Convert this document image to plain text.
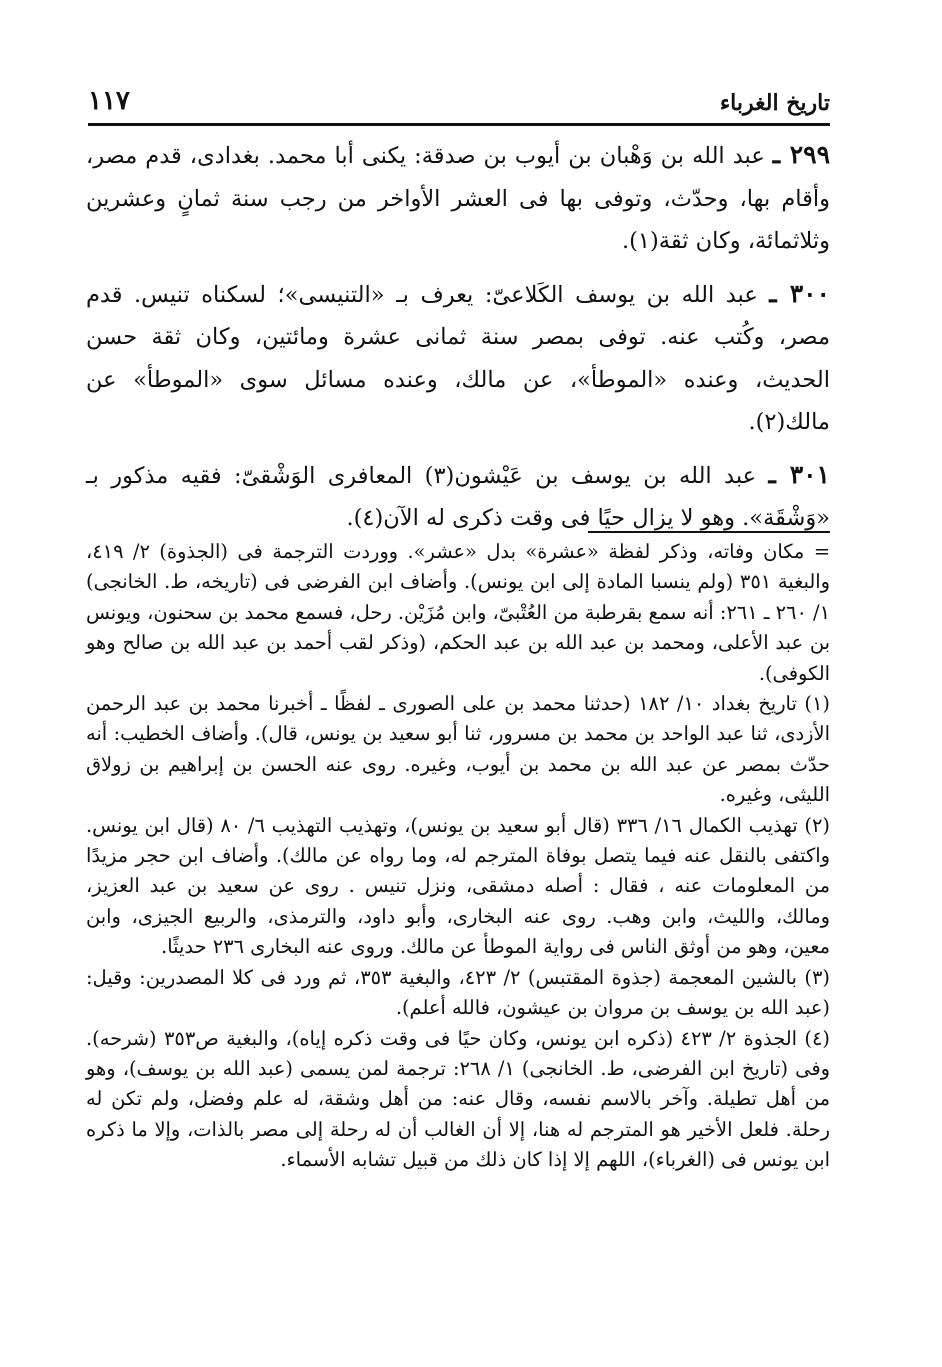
تاريخ الغرباء
١١٧

٢٩٩ ـ عبد الله بن وَهْبان بن أيوب بن صدقة: يكنى أبا محمد. بغدادى، قدم مصر، وأقام بها، وحدّث، وتوفى بها فى العشر الأواخر من رجب سنة ثمانٍ وعشرين وثلاثمائة، وكان ثقة(١).

٣٠٠ ـ عبد الله بن يوسف الكَلاعىّ: يعرف بـ «التنيسى»؛ لسكناه تنيس. قدم مصر، وكُتب عنه. توفى بمصر سنة ثمانى عشرة ومائتين، وكان ثقة حسن الحديث، وعنده «الموطأ»، عن مالك، وعنده مسائل سوى «الموطأ» عن مالك(٢).

٣٠١ ـ عبد الله بن يوسف بن عَيْشون(٣) المعافرى الوَشْقىّ: فقيه مذكور بـ «وَشْقَة». وهو لا يزال حيًا فى وقت ذكرى له الآن(٤).

= مكان وفاته، وذكر لفظة «عشرة» بدل «عشر». ووردت الترجمة فى (الجذوة) ٢/ ٤١٩، والبغية ٣٥١ (ولم ينسبا المادة إلى ابن يونس). وأضاف ابن الفرضى فى (تاريخه، ط. الخانجى) ١/ ٢٦٠ ـ ٢٦١: أنه سمع بقرطبة من العُتْبىّ، وابن مُزَيْن. رحل، فسمع محمد بن سحنون، ويونس بن عبد الأعلى، ومحمد بن عبد الله بن عبد الحكم، (وذكر لقب أحمد بن عبد الله بن صالح وهو الكوفى).

(١) تاريخ بغداد ١٠/ ١٨٢ (حدثنا محمد بن على الصورى ـ لفظًا ـ أخبرنا محمد بن عبد الرحمن الأزدى، ثنا عبد الواحد بن محمد بن مسرور، ثنا أبو سعيد بن يونس، قال). وأضاف الخطيب: أنه حدّث بمصر عن عبد الله بن محمد بن أيوب، وغيره. روى عنه الحسن بن إبراهيم بن زولاق الليثى، وغيره.

(٢) تهذيب الكمال ١٦/ ٣٣٦ (قال أبو سعيد بن يونس)، وتهذيب التهذيب ٦/ ٨٠ (قال ابن يونس. واكتفى بالنقل عنه فيما يتصل بوفاة المترجم له، وما رواه عن مالك). وأضاف ابن حجر مزيدًا من المعلومات عنه ، فقال : أصله دمشقى، ونزل تنيس . روى عن سعيد بن عبد العزيز، ومالك، والليث، وابن وهب. روى عنه البخارى، وأبو داود، والترمذى، والربيع الجيزى، وابن معين، وهو من أوثق الناس فى رواية الموطأ عن مالك. وروى عنه البخارى ٢٣٦ حديثًا.

(٣) بالشين المعجمة (جذوة المقتبس) ٢/ ٤٢٣، والبغية ٣٥٣، ثم ورد فى كلا المصدرين: وقيل: (عبد الله بن يوسف بن مروان بن عيشون، فالله أعلم).

(٤) الجذوة ٢/ ٤٢٣ (ذكره ابن يونس، وكان حيًا فى وقت ذكره إياه)، والبغية ص٣٥٣ (شرحه). وفى (تاريخ ابن الفرضى، ط. الخانجى) ١/ ٢٦٨: ترجمة لمن يسمى (عبد الله بن يوسف)، وهو من أهل تطيلة. وآخر بالاسم نفسه، وقال عنه: من أهل وشقة، له علم وفضل، ولم تكن له رحلة. فلعل الأخير هو المترجم له هنا، إلا أن الغالب أن له رحلة إلى مصر بالذات، وإلا ما ذكره ابن يونس فى (الغرباء)، اللهم إلا إذا كان ذلك من قبيل تشابه الأسماء.
